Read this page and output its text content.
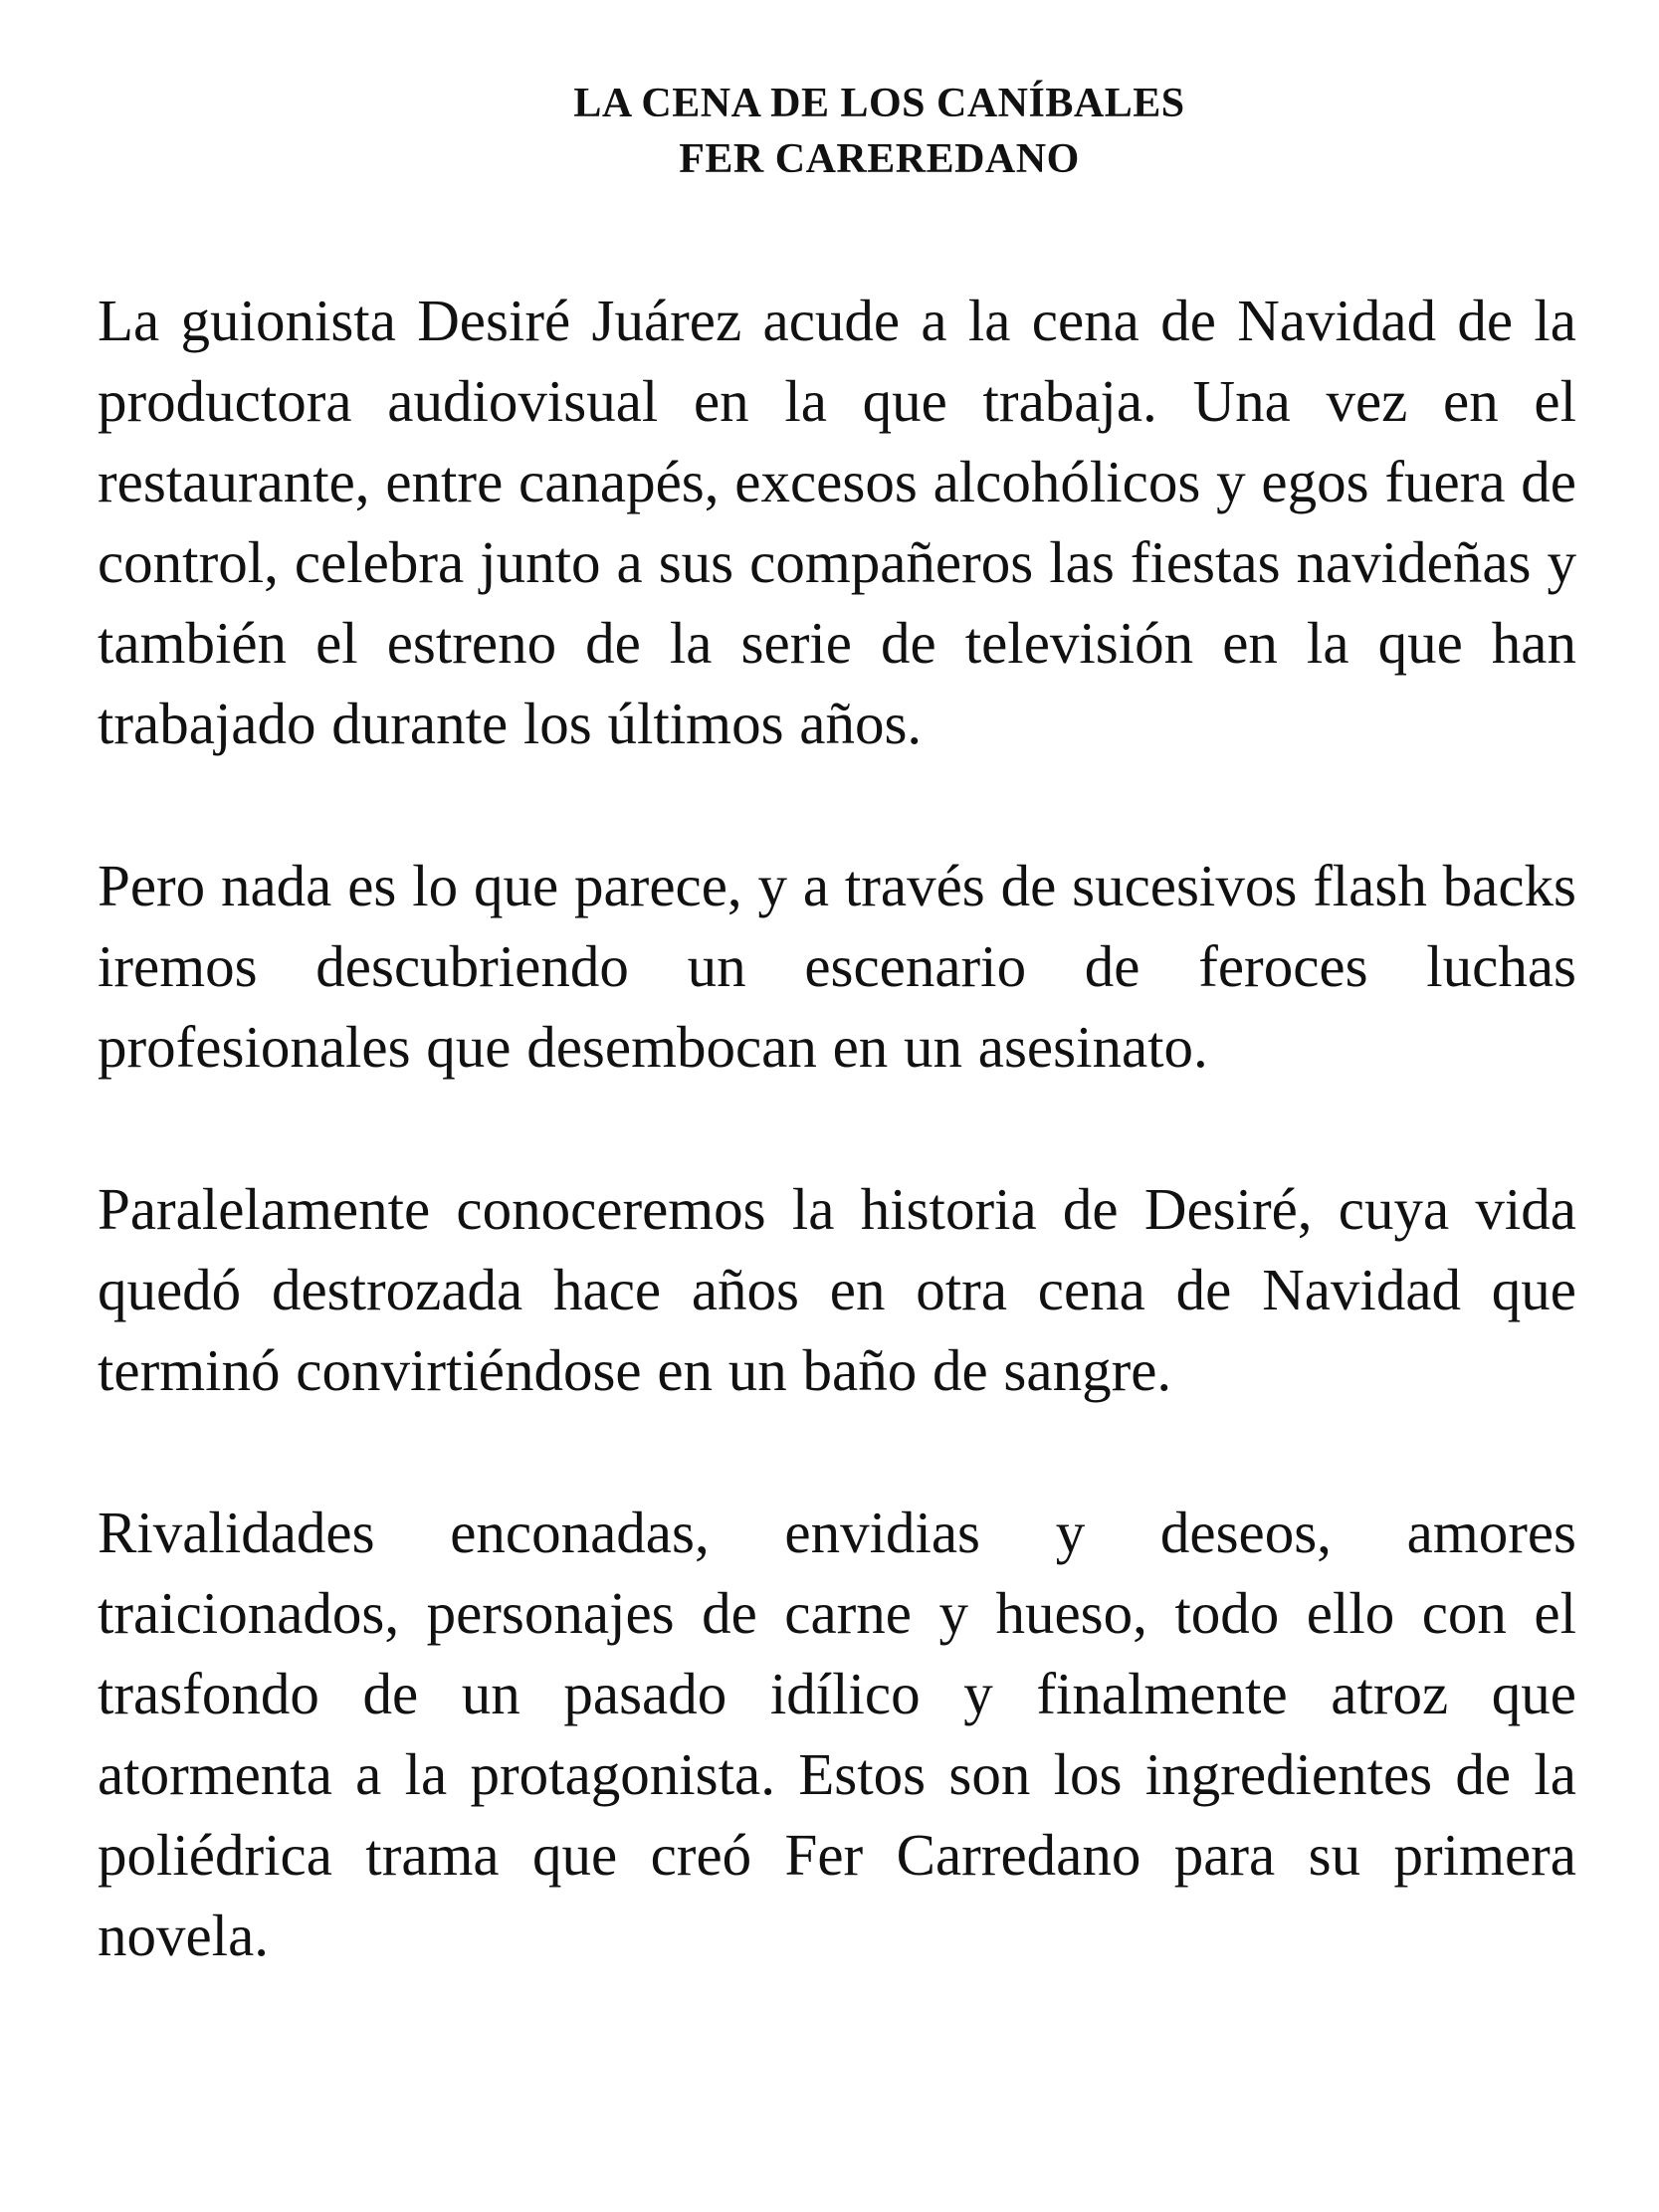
LA CENA DE LOS CANÍBALES
FER CAREREDANO

La guionista Desiré Juárez acude a la cena de Navidad de la productora audiovisual en la que trabaja. Una vez en el restaurante, entre canapés, excesos alcohólicos y egos fuera de control, celebra junto a sus compañeros las fiestas navideñas y también el estreno de la serie de televisión en la que han trabajado durante los últimos años.

Pero nada es lo que parece, y a través de sucesivos flash backs iremos descubriendo un escenario de feroces luchas profesionales que desembocan en un asesinato.

Paralelamente conoceremos la historia de Desiré, cuya vida quedó destrozada hace años en otra cena de Navidad que terminó convirtiéndose en un baño de sangre.

Rivalidades enconadas, envidias y deseos, amores traicionados, personajes de carne y hueso, todo ello con el trasfondo de un pasado idílico y finalmente atroz que atormenta a la protagonista. Estos son los ingredientes de la poliédrica trama que creó Fer Carredano para su primera novela.
